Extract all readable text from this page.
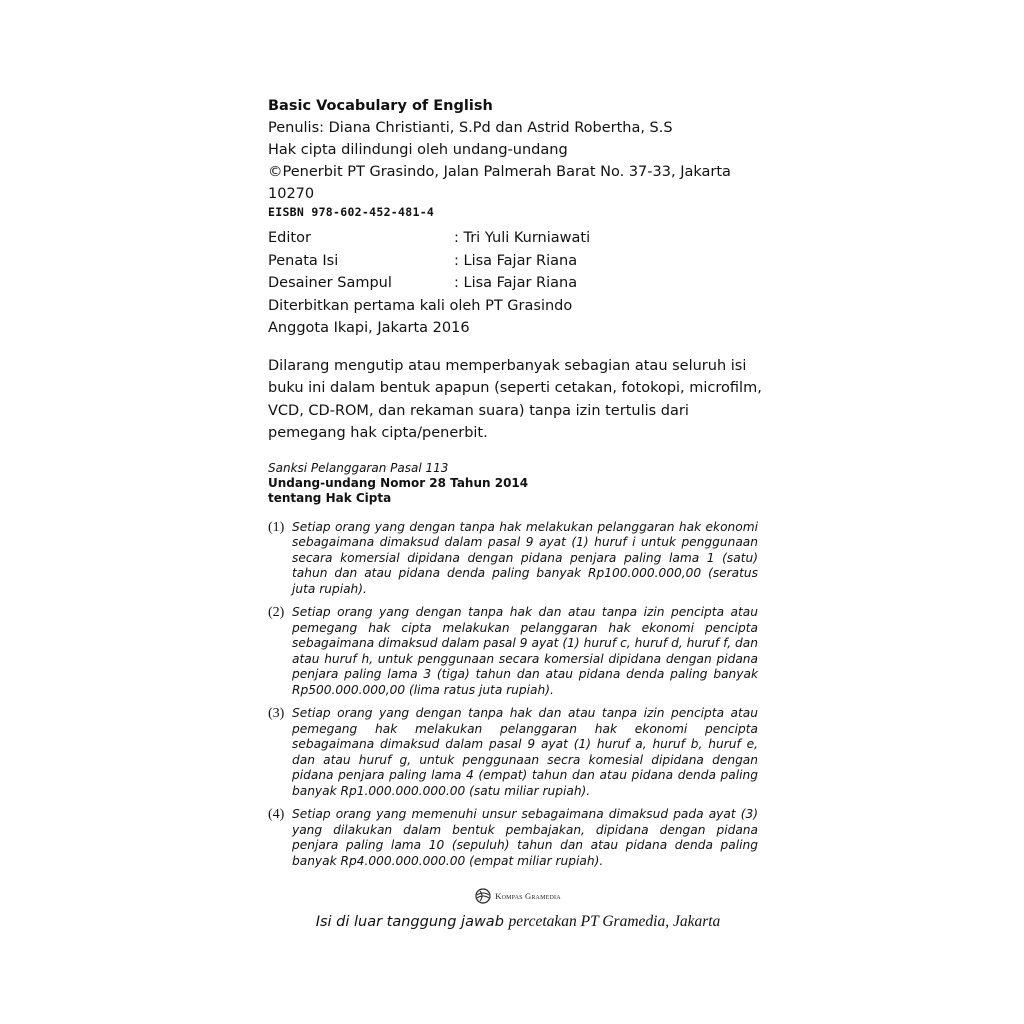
Basic Vocabulary of English

Penulis: Diana Christianti, S.Pd dan Astrid Robertha, S.S

Hak cipta dilindungi oleh undang-undang

©Penerbit PT Grasindo, Jalan Palmerah Barat No. 37-33, Jakarta 10270

EISBN 978-602-452-481-4

Editor	: Tri Yuli Kurniawati
Penata Isi	: Lisa Fajar Riana
Desainer Sampul	: Lisa Fajar Riana

Diterbitkan pertama kali oleh PT Grasindo

Anggota Ikapi, Jakarta 2016

Dilarang mengutip atau memperbanyak sebagian atau seluruh isi buku ini dalam bentuk apapun (seperti cetakan, fotokopi, microfilm, VCD, CD-ROM, dan rekaman suara) tanpa izin tertulis dari pemegang hak cipta/penerbit.

Sanksi Pelanggaran Pasal 113

Undang-undang Nomor 28 Tahun 2014

tentang Hak Cipta

(1) Setiap orang yang dengan tanpa hak melakukan pelanggaran hak ekonomi sebagaimana dimaksud dalam pasal 9 ayat (1) huruf i untuk penggunaan secara komersial dipidana dengan pidana penjara paling lama 1 (satu) tahun dan atau pidana denda paling banyak Rp100.000.000,00 (seratus juta rupiah).
(2) Setiap orang yang dengan tanpa hak dan atau tanpa izin pencipta atau pemegang hak cipta melakukan pelanggaran hak ekonomi pencipta sebagaimana dimaksud dalam pasal 9 ayat (1) huruf c, huruf d, huruf f, dan atau huruf h, untuk penggunaan secara komersial dipidana dengan pidana penjara paling lama 3 (tiga) tahun dan atau pidana denda paling banyak Rp500.000.000,00 (lima ratus juta rupiah).
(3) Setiap orang yang dengan tanpa hak dan atau tanpa izin pencipta atau pemegang hak melakukan pelanggaran hak ekonomi pencipta sebagaimana dimaksud dalam pasal 9 ayat (1) huruf a, huruf b, huruf e, dan atau huruf g, untuk penggunaan secra komesial dipidana dengan pidana penjara paling lama 4 (empat) tahun dan atau pidana denda paling banyak Rp1.000.000.000.00 (satu miliar rupiah).
(4) Setiap orang yang memenuhi unsur sebagaimana dimaksud pada ayat (3) yang dilakukan dalam bentuk pembajakan, dipidana dengan pidana penjara paling lama 10 (sepuluh) tahun dan atau pidana denda paling banyak Rp4.000.000.000.00 (empat miliar rupiah).
Kompas Gramedia
Isi di luar tanggung jawab percetakan PT Gramedia, Jakarta
